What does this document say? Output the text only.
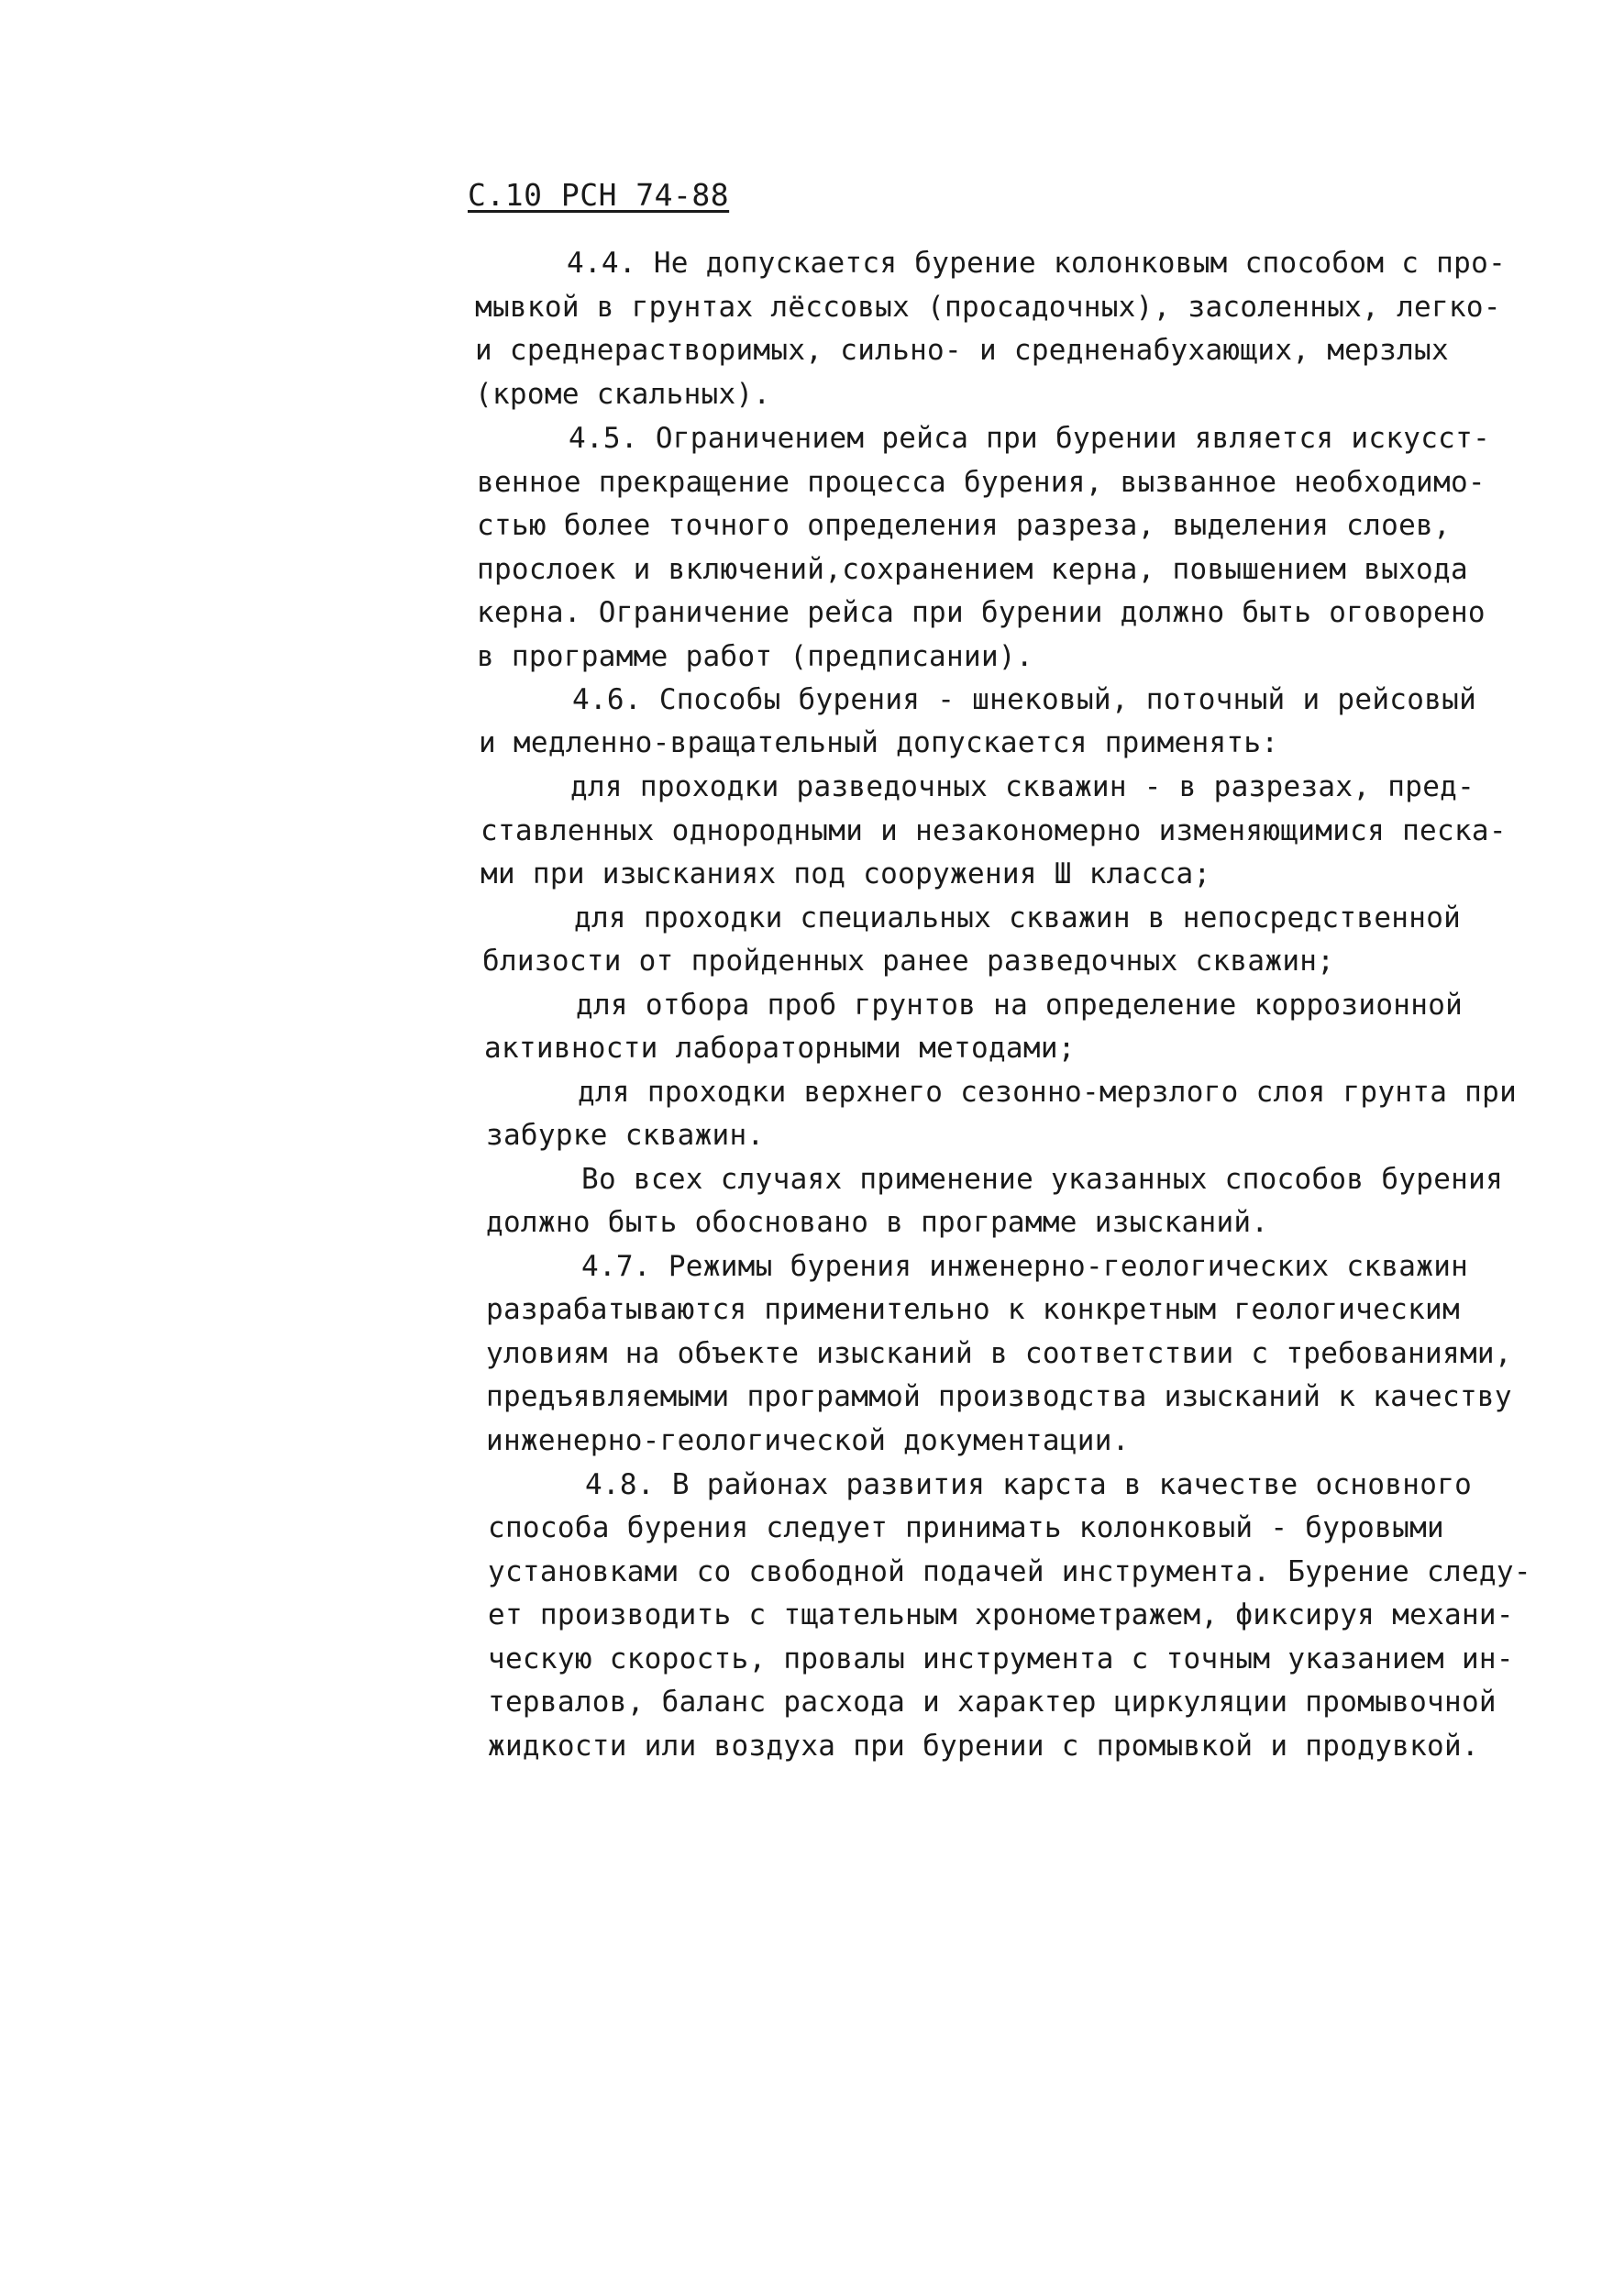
С.10 РСН 74-88
4.4. Не допускается бурение колонковым способом с про-
мывкой в грунтах лёссовых (просадочных), засоленных, легко-
и среднерастворимых, сильно- и средненабухающих, мерзлых
(кроме скальных).
4.5. Ограничением рейса при бурении является искусст-
венное прекращение процесса бурения, вызванное необходимо-
стью более точного определения разреза, выделения слоев,
прослоек и включений,сохранением керна, повышением выхода
керна. Ограничение рейса при бурении должно быть оговорено
в программе работ (предписании).
4.6. Способы бурения - шнековый, поточный и рейсовый
и медленно-вращательный допускается применять:
для проходки разведочных скважин - в разрезах, пред-
ставленных однородными и незакономерно изменяющимися песка-
ми при изысканиях под сооружения Ш класса;
для проходки специальных скважин в непосредственной
близости от пройденных ранее разведочных скважин;
для отбора проб грунтов на определение коррозионной
активности лабораторными методами;
для проходки верхнего сезонно-мерзлого слоя грунта при
забурке скважин.
Во всех случаях применение указанных способов бурения
должно быть обосновано в программе изысканий.
4.7. Режимы бурения инженерно-геологических скважин
разрабатываются применительно к конкретным геологическим
уловиям на объекте изысканий в соответствии с требованиями,
предъявляемыми программой производства изысканий к качеству
инженерно-геологической документации.
4.8. В районах развития карста в качестве основного
способа бурения следует принимать колонковый - буровыми
установками со свободной подачей инструмента. Бурение следу-
ет производить с тщательным хронометражем, фиксируя механи-
ческую скорость, провалы инструмента с точным указанием ин-
тервалов, баланс расхода и характер циркуляции промывочной
жидкости или воздуха при бурении с промывкой и продувкой.
